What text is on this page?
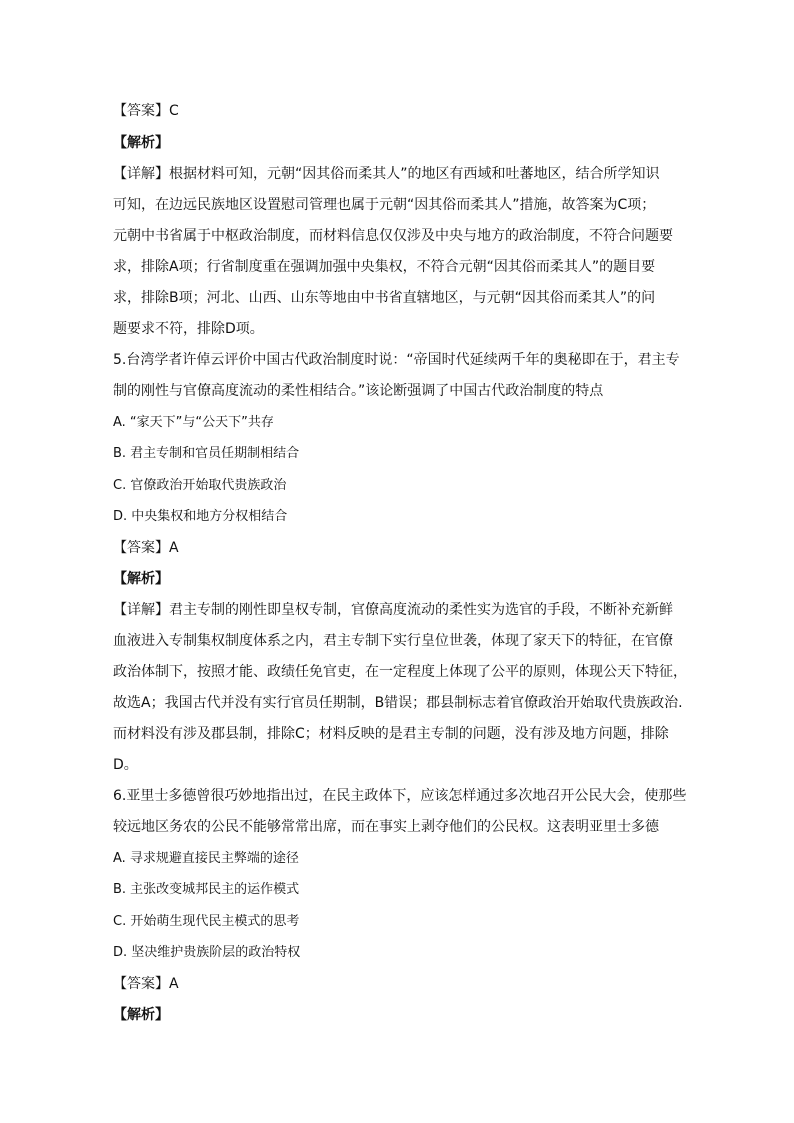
【答案】C
【解析】
【详解】根据材料可知，元朝“因其俗而柔其人”的地区有西域和吐蕃地区，结合所学知识
可知，在边远民族地区设置慰司管理也属于元朝“因其俗而柔其人”措施，故答案为C项；
元朝中书省属于中枢政治制度，而材料信息仅仅涉及中央与地方的政治制度，不符合问题要
求，排除A项；行省制度重在强调加强中央集权，不符合元朝“因其俗而柔其人”的题目要
求，排除B项；河北、山西、山东等地由中书省直辖地区，与元朝“因其俗而柔其人”的问
题要求不符，排除D项。
5.台湾学者许倬云评价中国古代政治制度时说：“帝国时代延续两千年的奥秘即在于，君主专
制的刚性与官僚高度流动的柔性相结合。”该论断强调了中国古代政治制度的特点
A. “家天下”与“公天下”共存
B. 君主专制和官员任期制相结合
C. 官僚政治开始取代贵族政治
D. 中央集权和地方分权相结合
【答案】A
【解析】
【详解】君主专制的刚性即皇权专制，官僚高度流动的柔性实为选官的手段，不断补充新鲜
血液进入专制集权制度体系之内，君主专制下实行皇位世袭，体现了家天下的特征，在官僚
政治体制下，按照才能、政绩任免官吏，在一定程度上体现了公平的原则，体现公天下特征，
故选A；我国古代并没有实行官员任期制，B错误；郡县制标志着官僚政治开始取代贵族政治.
而材料没有涉及郡县制，排除C；材料反映的是君主专制的问题，没有涉及地方问题，排除
D。
6.亚里士多德曾很巧妙地指出过，在民主政体下，应该怎样通过多次地召开公民大会，使那些
较远地区务农的公民不能够常常出席，而在事实上剥夺他们的公民权。这表明亚里士多德
A. 寻求规避直接民主弊端的途径
B. 主张改变城邦民主的运作模式
C. 开始萌生现代民主模式的思考
D. 坚决维护贵族阶层的政治特权
【答案】A
【解析】
